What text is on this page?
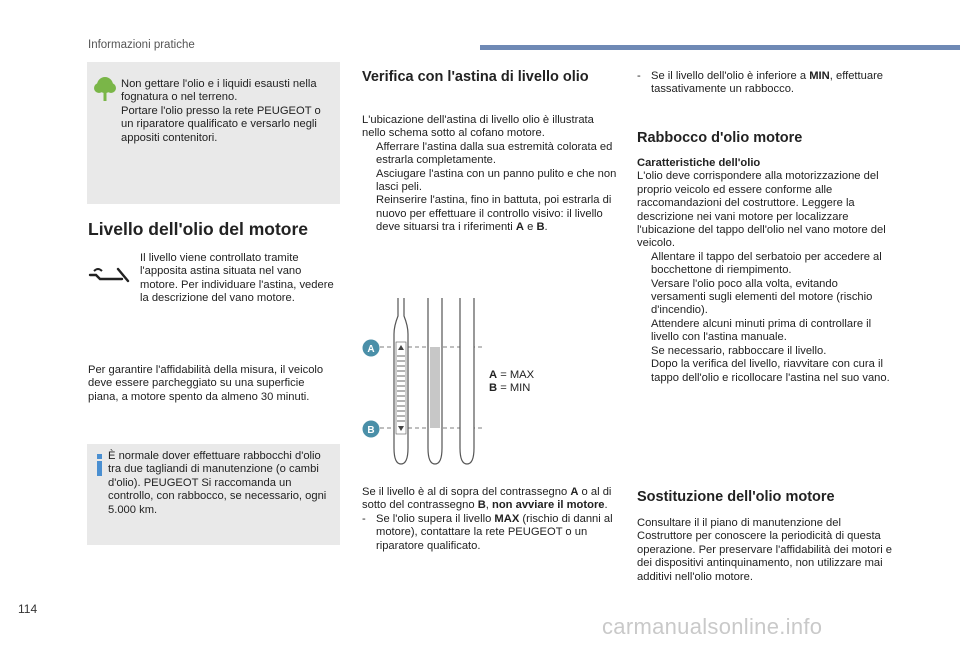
Informazioni pratiche

Non gettare l'olio e i liquidi esausti nella fognatura o nel terreno.

Portare l'olio presso la rete PEUGEOT o un riparatore qualificato e versarlo negli appositi contenitori.

Livello dell'olio del motore
Il livello viene controllato tramite l'apposita astina situata nel vano motore. Per individuare l'astina, vedere la descrizione del vano motore.
Per garantire l'affidabilità della misura, il veicolo deve essere parcheggiato su una superficie piana, a motore spento da almeno 30 minuti.
È normale dover effettuare rabbocchi d'olio tra due tagliandi di manutenzione (o cambi d'olio). PEUGEOT Si raccomanda un controllo, con rabbocco, se necessario, ogni 5.000 km.
Verifica con l'astina di livello olio
L'ubicazione dell'astina di livello olio è illustrata nello schema sotto al cofano motore.
Afferrare l'astina dalla sua estremità colorata ed estrarla completamente.
Asciugare l'astina con un panno pulito e che non lasci peli.
Reinserire l'astina, fino in battuta, poi estrarla di nuovo per effettuare il controllo visivo: il livello deve situarsi tra i riferimenti A e B.
A
B
A = MAX
B = MIN
Se il livello è al di sopra del contrassegno A o al di sotto del contrassegno B, non avviare il motore.
- Se l'olio supera il livello MAX (rischio di danni al motore), contattare la rete PEUGEOT o un riparatore qualificato.
- Se il livello dell'olio è inferiore a MIN, effettuare tassativamente un rabbocco.
Rabbocco d'olio motore
Caratteristiche dell'olio
L'olio deve corrispondere alla motorizzazione del proprio veicolo ed essere conforme alle raccomandazioni del costruttore. Leggere la descrizione nei vani motore per localizzare l'ubicazione del tappo dell'olio nel vano motore del veicolo.
Allentare il tappo del serbatoio per accedere al bocchettone di riempimento.
Versare l'olio poco alla volta, evitando versamenti sugli elementi del motore (rischio d'incendio).
Attendere alcuni minuti prima di controllare il livello con l'astina manuale.
Se necessario, rabboccare il livello.
Dopo la verifica del livello, riavvitare con cura il tappo dell'olio e ricollocare l'astina nel suo vano.
Sostituzione dell'olio motore
Consultare il il piano di manutenzione del Costruttore per conoscere la periodicità di questa operazione. Per preservare l'affidabilità dei motori e dei dispositivi antinquinamento, non utilizzare mai additivi nell'olio motore.
114
carmanualsonline.info
